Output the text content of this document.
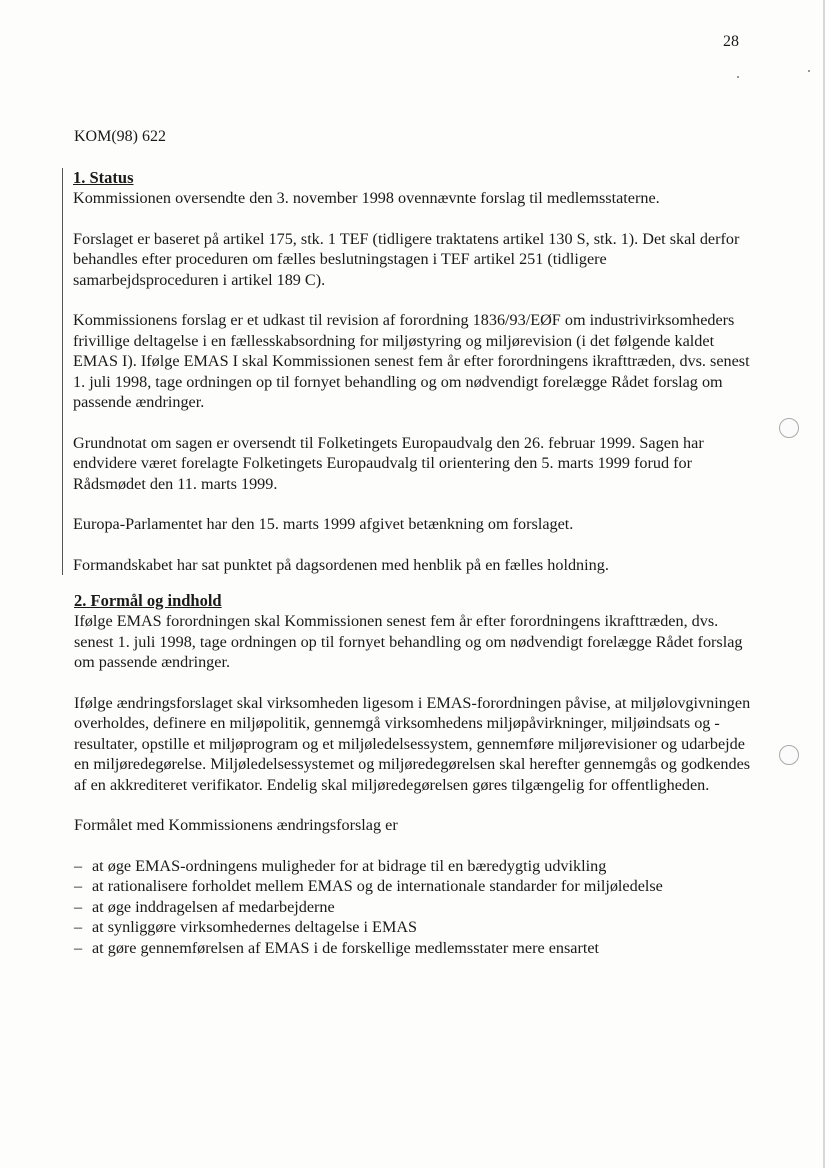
28
KOM(98) 622
1. Status

Kommissionen oversendte den 3. november 1998 ovennævnte forslag til medlemsstaterne.

Forslaget er baseret på artikel 175, stk. 1 TEF (tidligere traktatens artikel 130 S, stk. 1). Det skal derfor behandles efter proceduren om fælles beslutningstagen i TEF artikel 251 (tidligere samarbejdsproceduren i artikel 189 C).

Kommissionens forslag er et udkast til revision af forordning 1836/93/EØF om industrivirksomheders frivillige deltagelse i en fællesskabsordning for miljøstyring og miljørevision (i det følgende kaldet EMAS I). Ifølge EMAS I skal Kommissionen senest fem år efter forordningens ikrafttræden, dvs. senest 1. juli 1998, tage ordningen op til fornyet behandling og om nødvendigt forelægge Rådet forslag om passende ændringer.

Grundnotat om sagen er oversendt til Folketingets Europaudvalg den 26. februar 1999. Sagen har endvidere været forelagte Folketingets Europaudvalg til orientering den 5. marts 1999 forud for Rådsmødet den 11. marts 1999.

Europa-Parlamentet har den 15. marts 1999 afgivet betænkning om forslaget.

Formandskabet har sat punktet på dagsordenen med henblik på en fælles holdning.

2. Formål og indhold

Ifølge EMAS forordningen skal Kommissionen senest fem år efter forordningens ikrafttræden, dvs. senest 1. juli 1998, tage ordningen op til fornyet behandling og om nødvendigt forelægge Rådet forslag om passende ændringer.

Ifølge ændringsforslaget skal virksomheden ligesom i EMAS-forordningen påvise, at miljølovgivningen overholdes, definere en miljøpolitik, gennemgå virksomhedens miljøpåvirkninger, miljøindsats og -resultater, opstille et miljøprogram og et miljøledelsessystem, gennemføre miljørevisioner og udarbejde en miljøredegørelse. Miljøledelsessystemet og miljøredegørelsen skal herefter gennemgås og godkendes af en akkrediteret verifikator. Endelig skal miljøredegørelsen gøres tilgængelig for offentligheden.

Formålet med Kommissionens ændringsforslag er

– at øge EMAS-ordningens muligheder for at bidrage til en bæredygtig udvikling
– at rationalisere forholdet mellem EMAS og de internationale standarder for miljøledelse
– at øge inddragelsen af medarbejderne
– at synliggøre virksomhedernes deltagelse i EMAS
– at gøre gennemførelsen af EMAS i de forskellige medlemsstater mere ensartet
